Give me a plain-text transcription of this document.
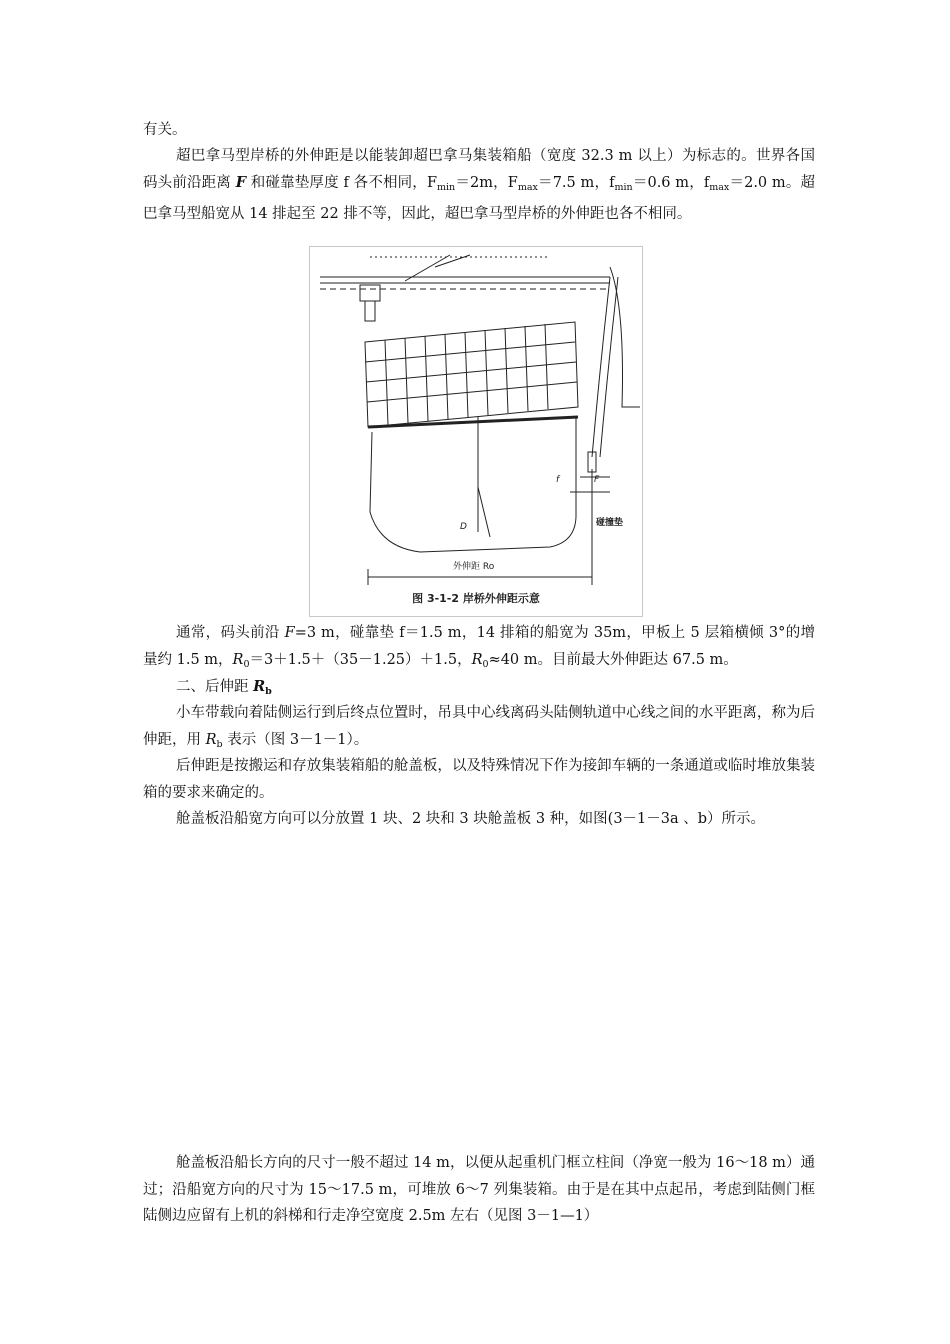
有关。

超巴拿马型岸桥的外伸距是以能装卸超巴拿马集装箱船（宽度 32.3 m 以上）为标志的。世界各国码头前沿距离 F 和碰靠垫厚度 f 各不相同，$F_{min}=2m$，$F_{max}=7.5$ m，$f_{min}=0.6$ m，$f_{max}=2.0$ m。超巴拿马型船宽从 14 排起至 22 排不等，因此，超巴拿马型岸桥的外伸距也各不相同。

外伸距 Ro
f	F
D	碰撞垫
图 3-1-2 岸桥外伸距示意

通常，码头前沿 F=3 m，碰靠垫 f＝1.5 m，14 排箱的船宽为 35m，甲板上 5 层箱横倾 3°的增量约 1.5 m，$R_0=3+1.5+(35-1.25)+1.5$，$R_0\approx 40$ m。目前最大外伸距达 67.5 m。

二、后伸距 $R_b$

小车带载向着陆侧运行到后终点位置时，吊具中心线离码头陆侧轨道中心线之间的水平距离，称为后伸距，用 $R_b$ 表示（图 3－1－1）。

后伸距是按搬运和存放集装箱船的舱盖板，以及特殊情况下作为接卸车辆的一条通道或临时堆放集装箱的要求来确定的。

舱盖板沿船宽方向可以分放置 1 块、2 块和 3 块舱盖板 3 种，如图(3－1－3a 、b）所示。

舱盖板沿船长方向的尺寸一般不超过 14 m，以便从起重机门框立柱间（净宽一般为 16～18 m）通过；沿船宽方向的尺寸为 15～17.5 m，可堆放 6～7 列集装箱。由于是在其中点起吊，考虑到陆侧门框陆侧边应留有上机的斜梯和行走净空宽度 2.5m 左右（见图 3－1—1）
